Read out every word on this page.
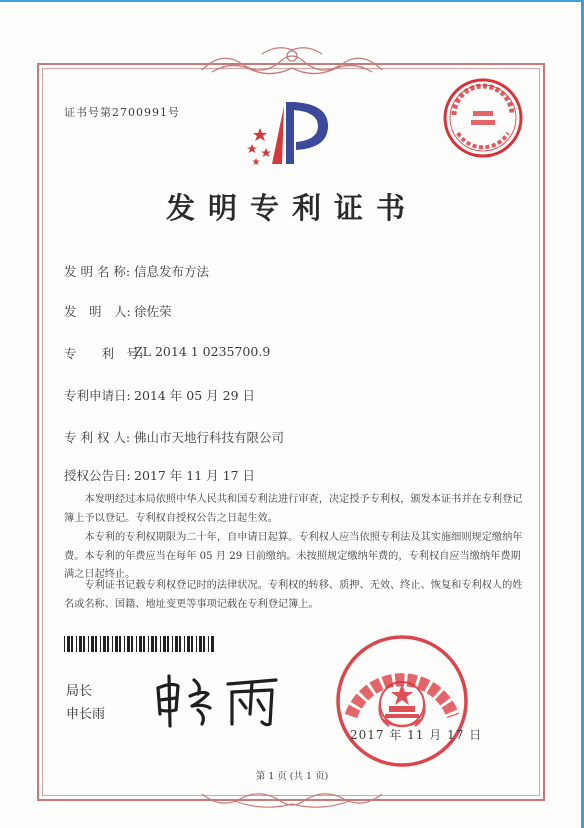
证书号第2700991号
发明专利证书
发 明 名 称: 信息发布方法
发　明　人: 徐佐荣
专　　利　号:
ZL 2014 1 0235700.9
专利申请日: 2014 年 05 月 29 日
专 利 权 人: 佛山市天地行科技有限公司
授权公告日: 2017 年 11 月 17 日
本发明经过本局依照中华人民共和国专利法进行审查，决定授予专利权，颁发本证书并在专利登记簿上予以登记。专利权自授权公告之日起生效。
本专利的专利权期限为二十年，自申请日起算。专利权人应当依照专利法及其实施细则规定缴纳年费。本专利的年费应当在每年 05 月 29 日前缴纳。未按照规定缴纳年费的，专利权自应当缴纳年费期满之日起终止。
专利证书记载专利权登记时的法律状况。专利权的转移、质押、无效、终止、恢复和专利权人的姓名或名称、国籍、地址变更等事项记载在专利登记簿上。
局长
申长雨
2017 年 11 月 17 日
第 1 页 (共 1 页)
